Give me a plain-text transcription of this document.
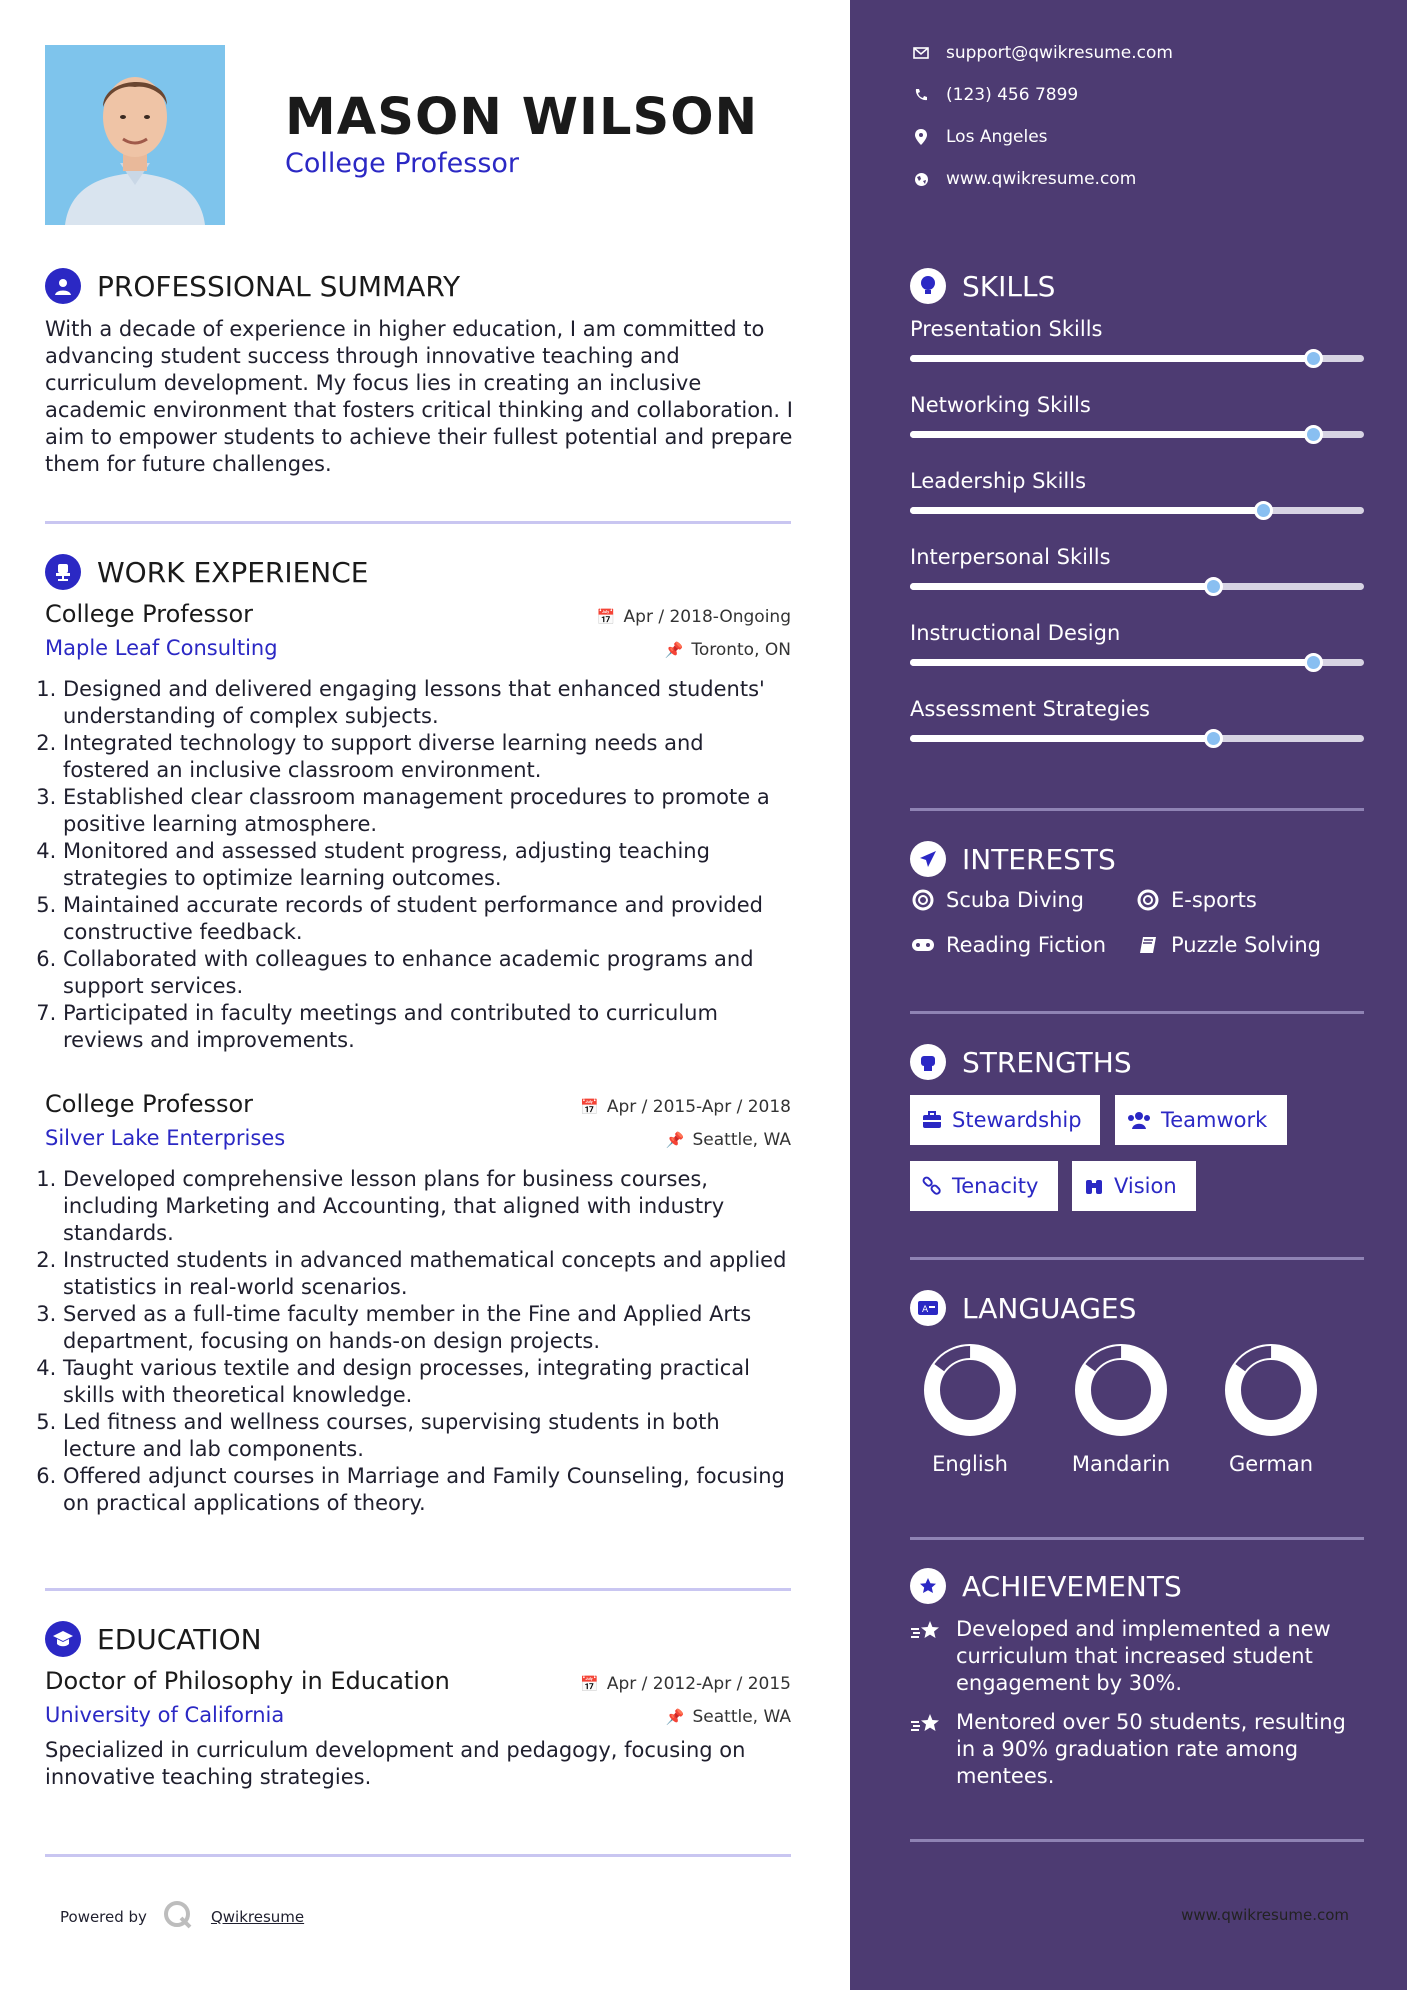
MASON WILSON
College Professor
PROFESSIONAL SUMMARY
With a decade of experience in higher education, I am committed to advancing student success through innovative teaching and curriculum development. My focus lies in creating an inclusive academic environment that fosters critical thinking and collaboration. I aim to empower students to achieve their fullest potential and prepare them for future challenges.
WORK EXPERIENCE
College Professor	📅 Apr / 2018-Ongoing
Maple Leaf Consulting	📌 Toronto, ON
1. Designed and delivered engaging lessons that enhanced students' understanding of complex subjects.
2. Integrated technology to support diverse learning needs and fostered an inclusive classroom environment.
3. Established clear classroom management procedures to promote a positive learning atmosphere.
4. Monitored and assessed student progress, adjusting teaching strategies to optimize learning outcomes.
5. Maintained accurate records of student performance and provided constructive feedback.
6. Collaborated with colleagues to enhance academic programs and support services.
7. Participated in faculty meetings and contributed to curriculum reviews and improvements.
College Professor	📅 Apr / 2015-Apr / 2018
Silver Lake Enterprises	📌 Seattle, WA
1. Developed comprehensive lesson plans for business courses, including Marketing and Accounting, that aligned with industry standards.
2. Instructed students in advanced mathematical concepts and applied statistics in real-world scenarios.
3. Served as a full-time faculty member in the Fine and Applied Arts department, focusing on hands-on design projects.
4. Taught various textile and design processes, integrating practical skills with theoretical knowledge.
5. Led fitness and wellness courses, supervising students in both lecture and lab components.
6. Offered adjunct courses in Marriage and Family Counseling, focusing on practical applications of theory.
EDUCATION
Doctor of Philosophy in Education	📅 Apr / 2012-Apr / 2015
University of California	📌 Seattle, WA
Specialized in curriculum development and pedagogy, focusing on innovative teaching strategies.
Powered by	Qwikresume
support@qwikresume.com
(123) 456 7899
Los Angeles
www.qwikresume.com
SKILLS
Presentation Skills
Networking Skills
Leadership Skills
Interpersonal Skills
Instructional Design
Assessment Strategies
INTERESTS
Scuba Diving	E-sports
Reading Fiction	Puzzle Solving
STRENGTHS
Stewardship	Teamwork
Tenacity	Vision
A LANGUAGES
English	Mandarin	German
ACHIEVEMENTS
Developed and implemented a new curriculum that increased student engagement by 30%.
Mentored over 50 students, resulting in a 90% graduation rate among mentees.
www.qwikresume.com
